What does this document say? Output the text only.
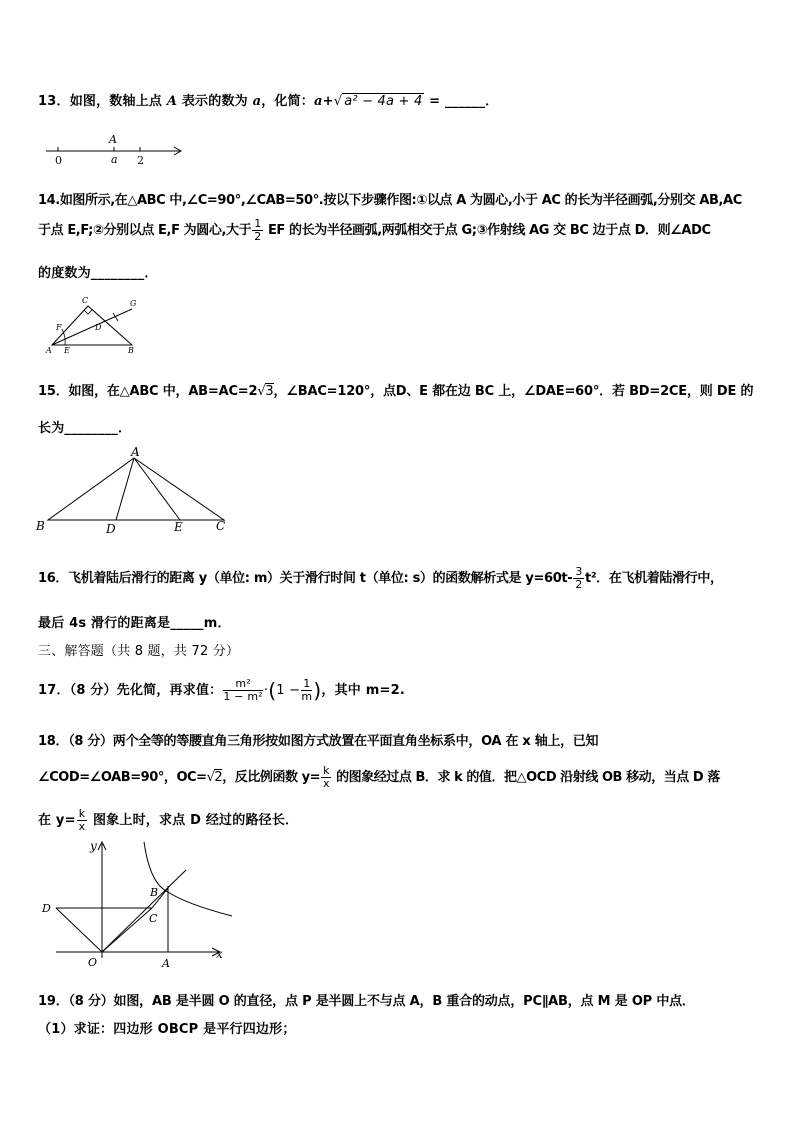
13．如图，数轴上点 A 表示的数为 a，化简：a+√ a² − 4a + 4 = ______．
A
0	a 2
14.如图所示,在△ABC 中,∠C=90°,∠CAB=50°.按以下步骤作图:①以点 A 为圆心,小于 AC 的长为半径画弧,分别交 AB,AC
于点 E,F;②分别以点 E,F 为圆心,大于 $\frac{1}{2}$ EF 的长为半径画弧,两弧相交于点 G;③作射线 AG 交 BC 边于点 D．则∠ADC
的度数为________．
C	G
F	D
A E	B
15．如图，在△ABC 中，AB=AC=2√3，∠BAC=120°，点D、E 都在边 BC 上，∠DAE=60°．若 BD=2CE，则 DE 的
长为________．
A
B	D	E	C
16．飞机着陆后滑行的距离 y（单位: m）关于滑行时间 t（单位: s）的函数解析式是 $y=60t- \frac{3}{2} t^2$．在飞机着陆滑行中，
最后 4s 滑行的距离是_____m．
三、解答题（共 8 题，共 72 分）
17．（8 分）先化简，再求值： $\frac{\text{m²}}{\text{1 − m²}} \cdot(1 - \frac{1}{m}$ )，其中 m=2.
18．（8 分）两个全等的等腰直角三角形按如图方式放置在平面直角坐标系中，OA 在 x 轴上，已知
∠COD=∠OAB=90°，OC=√2，反比例函数 $y= \frac{k}{x}$ 的图象经过点 B．求 k 的值．把△OCD 沿射线 OB 移动，当点 D 落
在 $y= \frac{k}{x}$ 图象上时，求点 D 经过的路径长．
y
x
B
D
C
O	A
19．（8 分）如图，AB 是半圆 O 的直径，点 P 是半圆上不与点 A，B 重合的动点，PC∥AB，点 M 是 OP 中点．
（1）求证：四边形 OBCP 是平行四边形；
